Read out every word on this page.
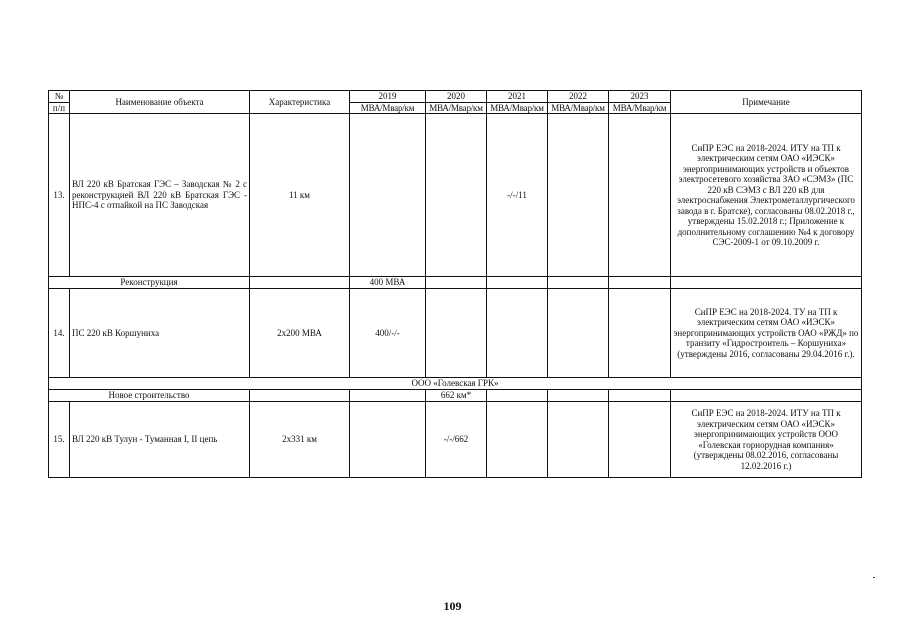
№	Наименование объекта	Характеристика	2019	2020	2021	2022	2023	Примечание
п/п			МВА/Мвар/км	МВА/Мвар/км	МВА/Мвар/км	МВА/Мвар/км	МВА/Мвар/км	
13.	ВЛ 220 кВ Братская ГЭС – Заводская № 2 с реконструкцией ВЛ 220 кВ Братская ГЭС - НПС-4 с отпайкой на ПС Заводская	11 км			-/-/11			СиПР ЕЭС на 2018-2024. ИТУ на ТП к электрическим сетям ОАО «ИЭСК» энергопринимающих устройств и объектов электросетевого хозяйства ЗАО «СЭМЗ» (ПС 220 кВ СЭМЗ с ВЛ 220 кВ для электроснабжения Электрометаллургического завода в г. Братске), согласованы 08.02.2018 г., утверждены 15.02.2018 г.; Приложение к дополнительному соглашению №4 к договору СЭС-2009-1 от 09.10.2009 г.
Реконструкция			400 МВА					
14.	ПС 220 кВ Коршуниха	2х200 МВА	400/-/-					СиПР ЕЭС на 2018-2024. ТУ на ТП к электрическим сетям ОАО «ИЭСК» энергопринимающих устройств ОАО «РЖД» по транзиту «Гидростроитель – Коршуниха» (утверждены 2016, согласованы 29.04.2016 г.).
ООО «Голевская ГРК»								
Новое строительство				662 км*				
15.	ВЛ 220 кВ Тулун - Туманная I, II цепь	2х331 км		-/-/662				СиПР ЕЭС на 2018-2024. ИТУ на ТП к электрическим сетям ОАО «ИЭСК» энергопринимающих устройств ООО «Голевская горнорудная компания» (утверждены 08.02.2016, согласованы 12.02.2016 г.)
109
